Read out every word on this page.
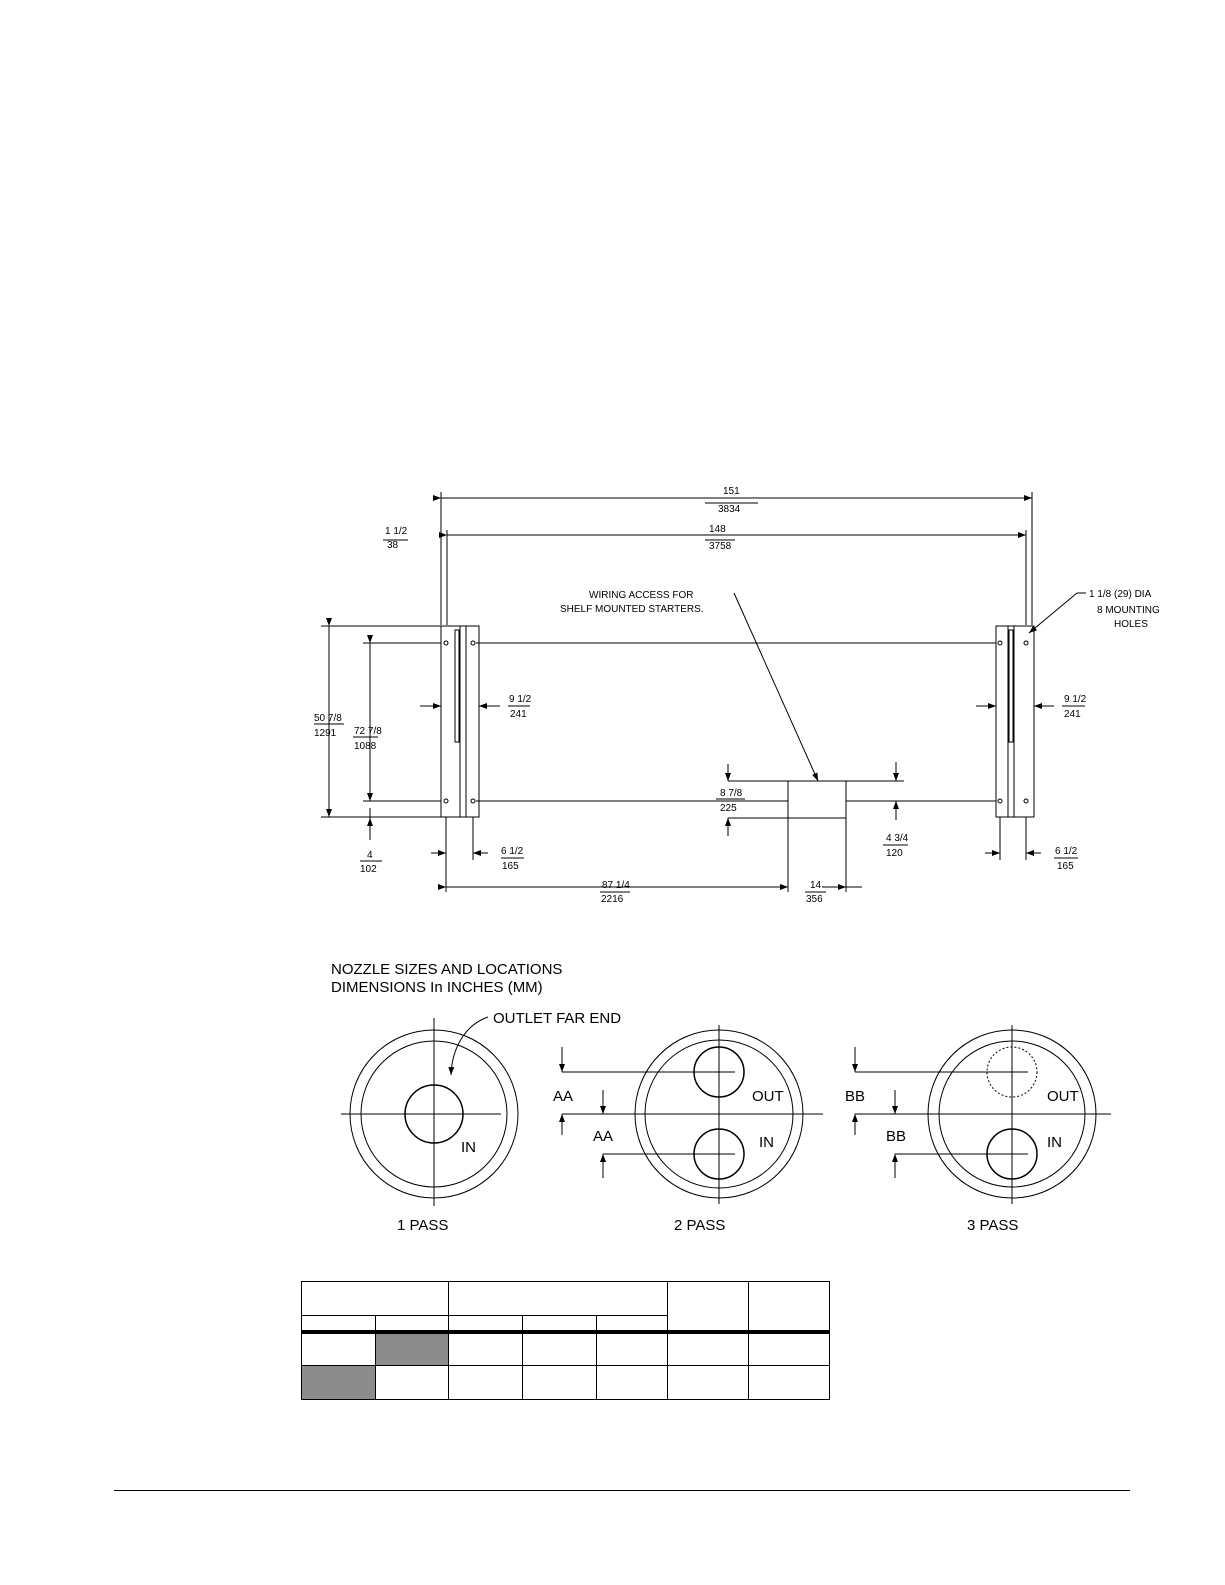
151
3834
148
3758
1 1/2
38
WIRING ACCESS FOR
SHELF MOUNTED STARTERS.
1 1/8 (29) DIA
8 MOUNTING
HOLES
50 7/8
1291 72 7/8
1088
9 1/2
241
9 1/2
241
8 7/8
225
4 3/4
120
4
102
6 1/2
165
6 1/2
165
87 1/4
2216
14
356
NOZZLE SIZES AND LOCATIONS
DIMENSIONS In INCHES (MM)
OUTLET FAR END
1 PASS	2 PASS	3 PASS
IN
OUT
IN
OUT
IN
AA
AA
BB
BB
